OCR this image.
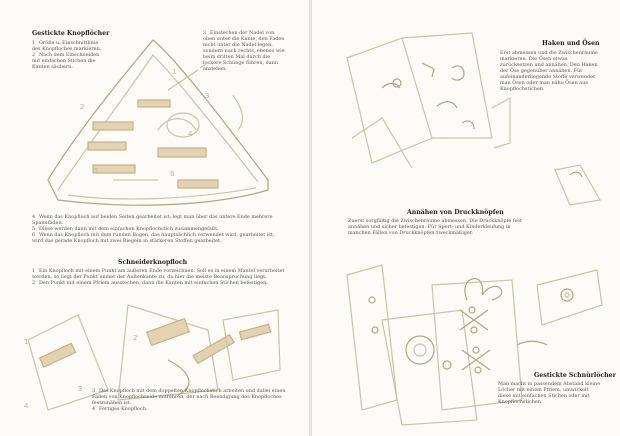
Gestickte Knopflöcher

1 Größe u. Einschnittlinie des Knopfloches markieren.

2 Nach dem Einschneiden mit einfachen Stichen die Kanten säubern.

3 Einstechen der Nadel von oben unter die Kante, den Faden nicht unter die Nadel legen, sondern nach rechts, ebenso wie beim dritten Mal durch die lockere Schlinge führen, dann anziehen.

1
2
3
4
5	6

4 Wenn das Knopfloch auf beiden Seiten gearbeitet ist, legt man über das untere Ende mehrere Spannfäden.

5 Diese werden dann mit dem einfachen Knopflochstich zusammengefaßt.

6 Wenn das Knopfloch mit dem runden Bogen, das hauptsächlich verwendet wird, gearbeitet ist, wird das gerade Knopfloch mit zwei Riegeln in stärkeren Stoffen gearbeitet.

Schneiderknopfloch

1 Ein Knopfloch mit einem Punkt am äußeren Ende vorzeichnen. Soll es in einem Mantel verarbeitet werden, so liegt der Punkt immer der Außenkante zu, da hier die meiste Beanspruchung liegt.

2 Den Punkt mit einem Pfriem ausstechen, dann die Kanten mit einfachen Stichen befestigen.

1	2
3
4

3 Das Knopfloch mit dem doppelten Knopflochstich arbeiten und dabei einen Faden von Knopflochseide mitführen, der nach Beendigung des Knopfloches festzunähen ist.

4 Fertiges Knopfloch.

Haken und Ösen
Erst abmessen und die Zwischenräume markieren. Die Ösen etwas zurücksetzen und annähen. Den Haken der Öse gegenüber annähen. Für aufeinanderliegende Stoffe verwendet man Ösen oder man nähe Ösen aus Knopflochstichen.
Annähen von Druckknöpfen
Zuerst sorgfältig die Zwischenräume abmessen. Die Druckknöpfe fest annähen und sicher befestigen. Für Sport- und Kinderkleidung in manchen Fällen von Druckknöpfen zweckmäßiger.
Gestickte Schnürlöcher
Man macht in passendem Abstand kleine Löcher mit einem Pfriem, umwickelt diese mit einfachen Stichen oder mit Knopflochstichen.
